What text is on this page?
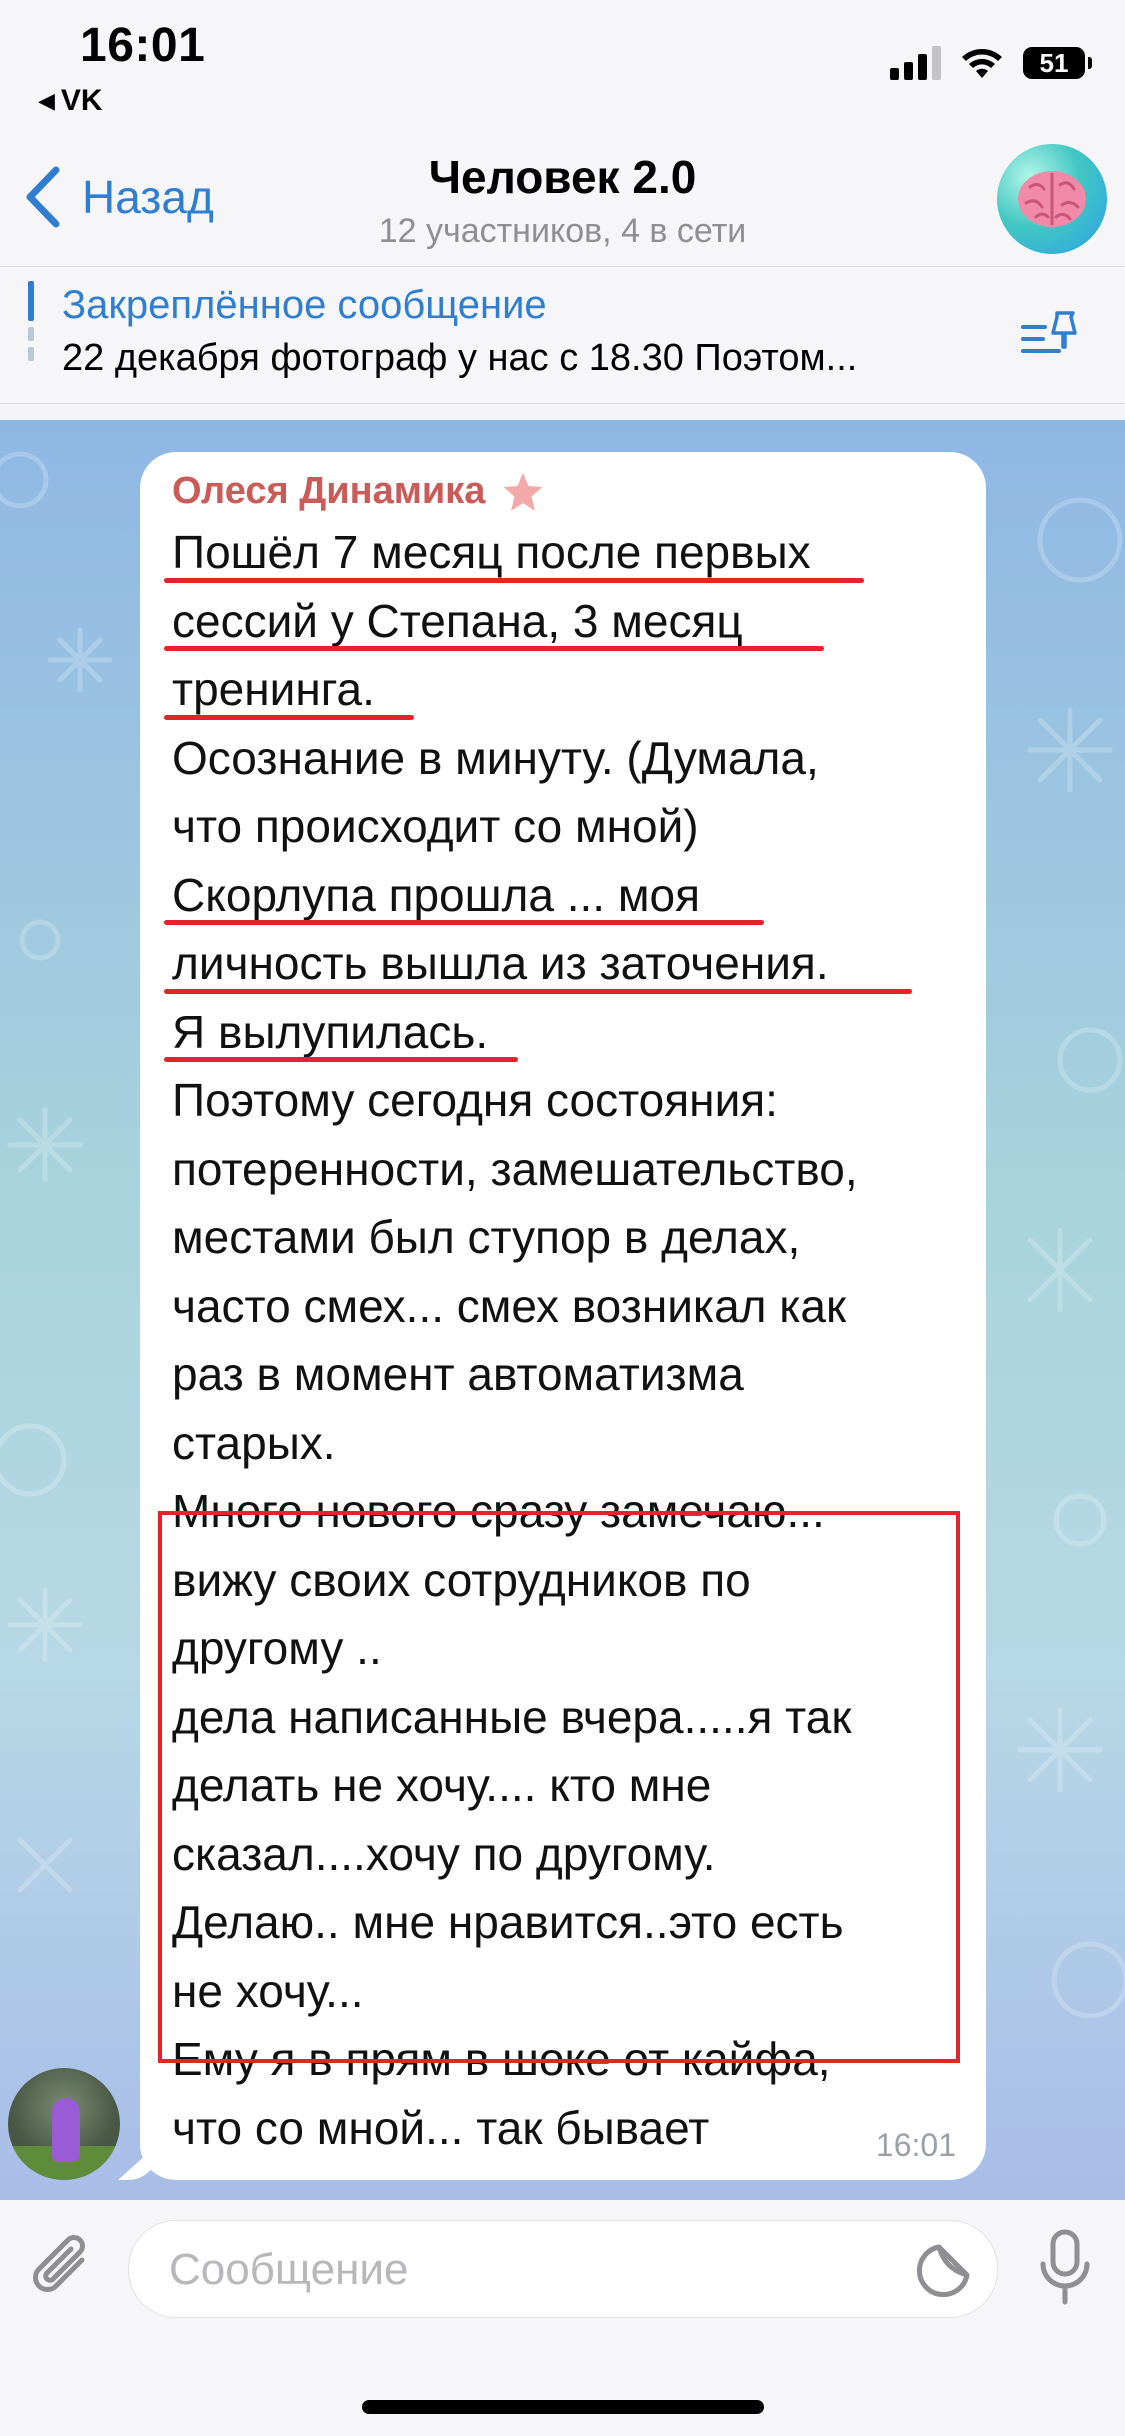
16:01
◀ VK
51
Назад	Человек 2.0
12 участников, 4 в сети
Закреплённое сообщение
22 декабря фотограф у нас с 18.30 Поэтом...
Олеся Динамика
Пошёл 7 месяц после первых
сессий у Степана, 3 месяц
тренинга.
Осознание в минуту. (Думала,
что происходит со мной)
Скорлупа прошла ... моя
личность вышла из заточения.
Я вылупилась.
Поэтому сегодня состояния:
потеренности, замешательство,
местами был ступор в делах,
часто смех... смех возникал как
раз в момент автоматизма
старых.
Много нового сразу замечаю...
вижу своих сотрудников по
другому ..
дела написанные вчера.....я так
делать не хочу.... кто мне
сказал....хочу по другому.
Делаю.. мне нравится..это есть
не хочу...
Ему я в прям в шоке от кайфа,
что со мной... так бывает	16:01
Сообщение
